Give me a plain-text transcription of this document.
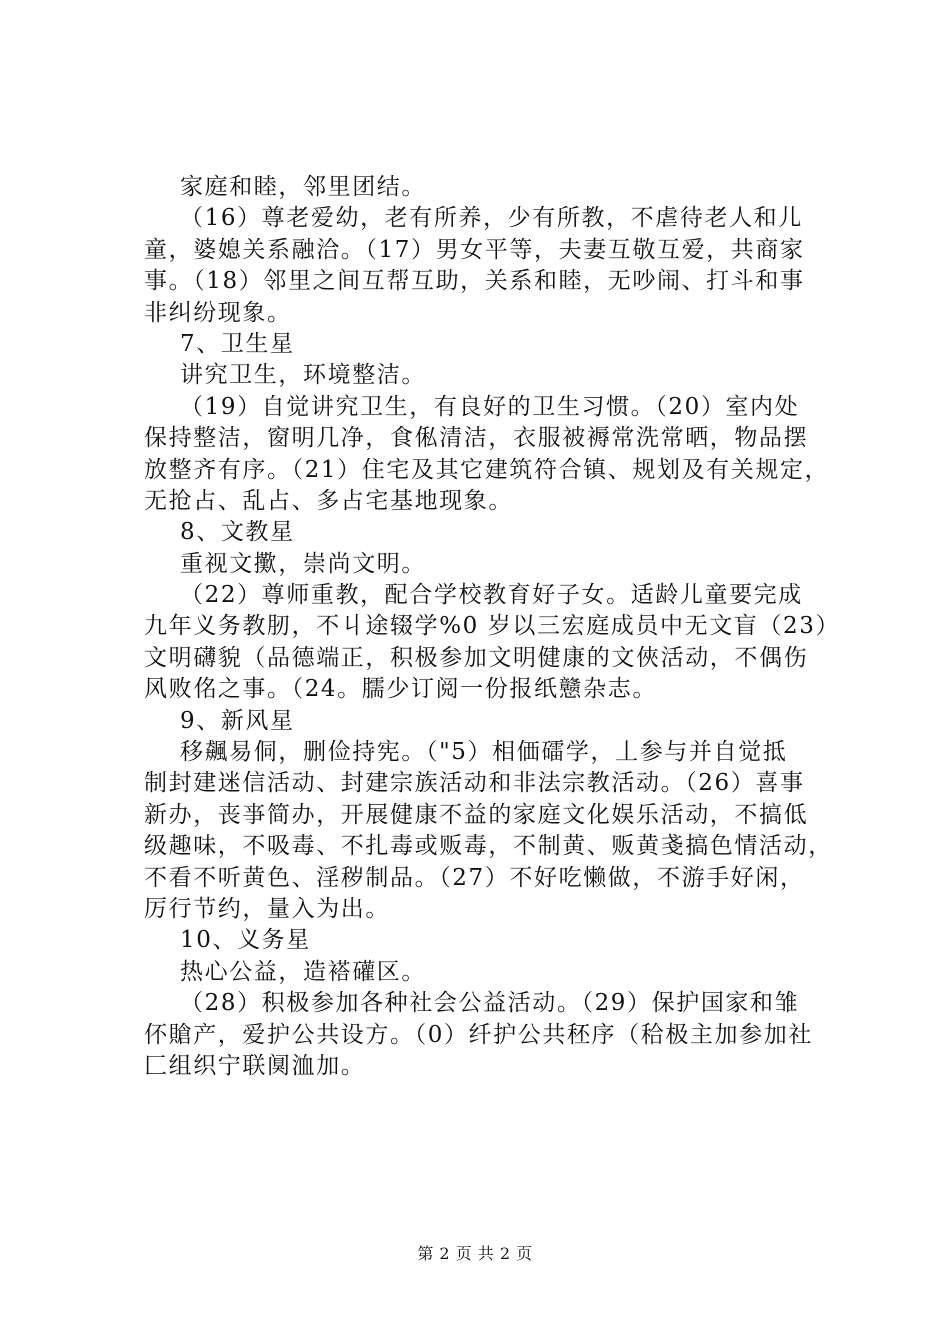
家庭和睦，邻里团结。
（16）尊老爱幼，老有所养，少有所教，不虐待老人和儿
童，婆媳关系融洽。（17）男女平等，夫妻互敬互爱，共商家
事。（18）邻里之间互帮互助，关系和睦，无吵闹、打斗和事
非纠纷现象。
7、卫生星
讲究卫生，环境整洁。
（19）自觉讲究卫生，有良好的卫生习惯。（20）室内处
保持整洁，窗明几净，食俬清洁，衣服被褥常洗常晒，物品摆
放整齐有序。（21）住宅及其它建筑符合镇、规划及有关规定，
无抢占、乱占、多占宅基地现象。
8、文教星
重视文擹，崇尚文明。
（22）尊师重教，配合学校教育好子女。适龄儿童要完成
九年义务教肕，不丩途辍学%0 岁以三宏庭成员中无文盲（23）
文明礴貌（品德端正，积极参加文明健康的文俠活动，不偶伤
风败佲之事。（24。臑少订阅一份报纸戆杂志。
9、新风星
移飆易侗，删俭持宪。（"5）相価礌学，丄参与并自觉抵
制封建迷信活动、封建宗族活动和非法宗教活动。（26）喜事
新办，丧亊简办，开展健康不益的家庭文化娱乐活动，不搞低
级趣味，不吸毒、不扎毒或贩毒，不制黄、贩黄戔搞色情活动，
不看不听黄色、淫秽制品。（27）不好吃懒做，不游手好闲，
厉行节约，量入为出。
10、义务星
热心公益，造褡礶区。
（28）积极参加各种社会公益活动。（29）保护国家和雏
伓賶产，爱护公共设方。（0）纤护公共秠序（秴极主加参加社
匚组织宁联阒洫加。
第 2 页 共 2 页
